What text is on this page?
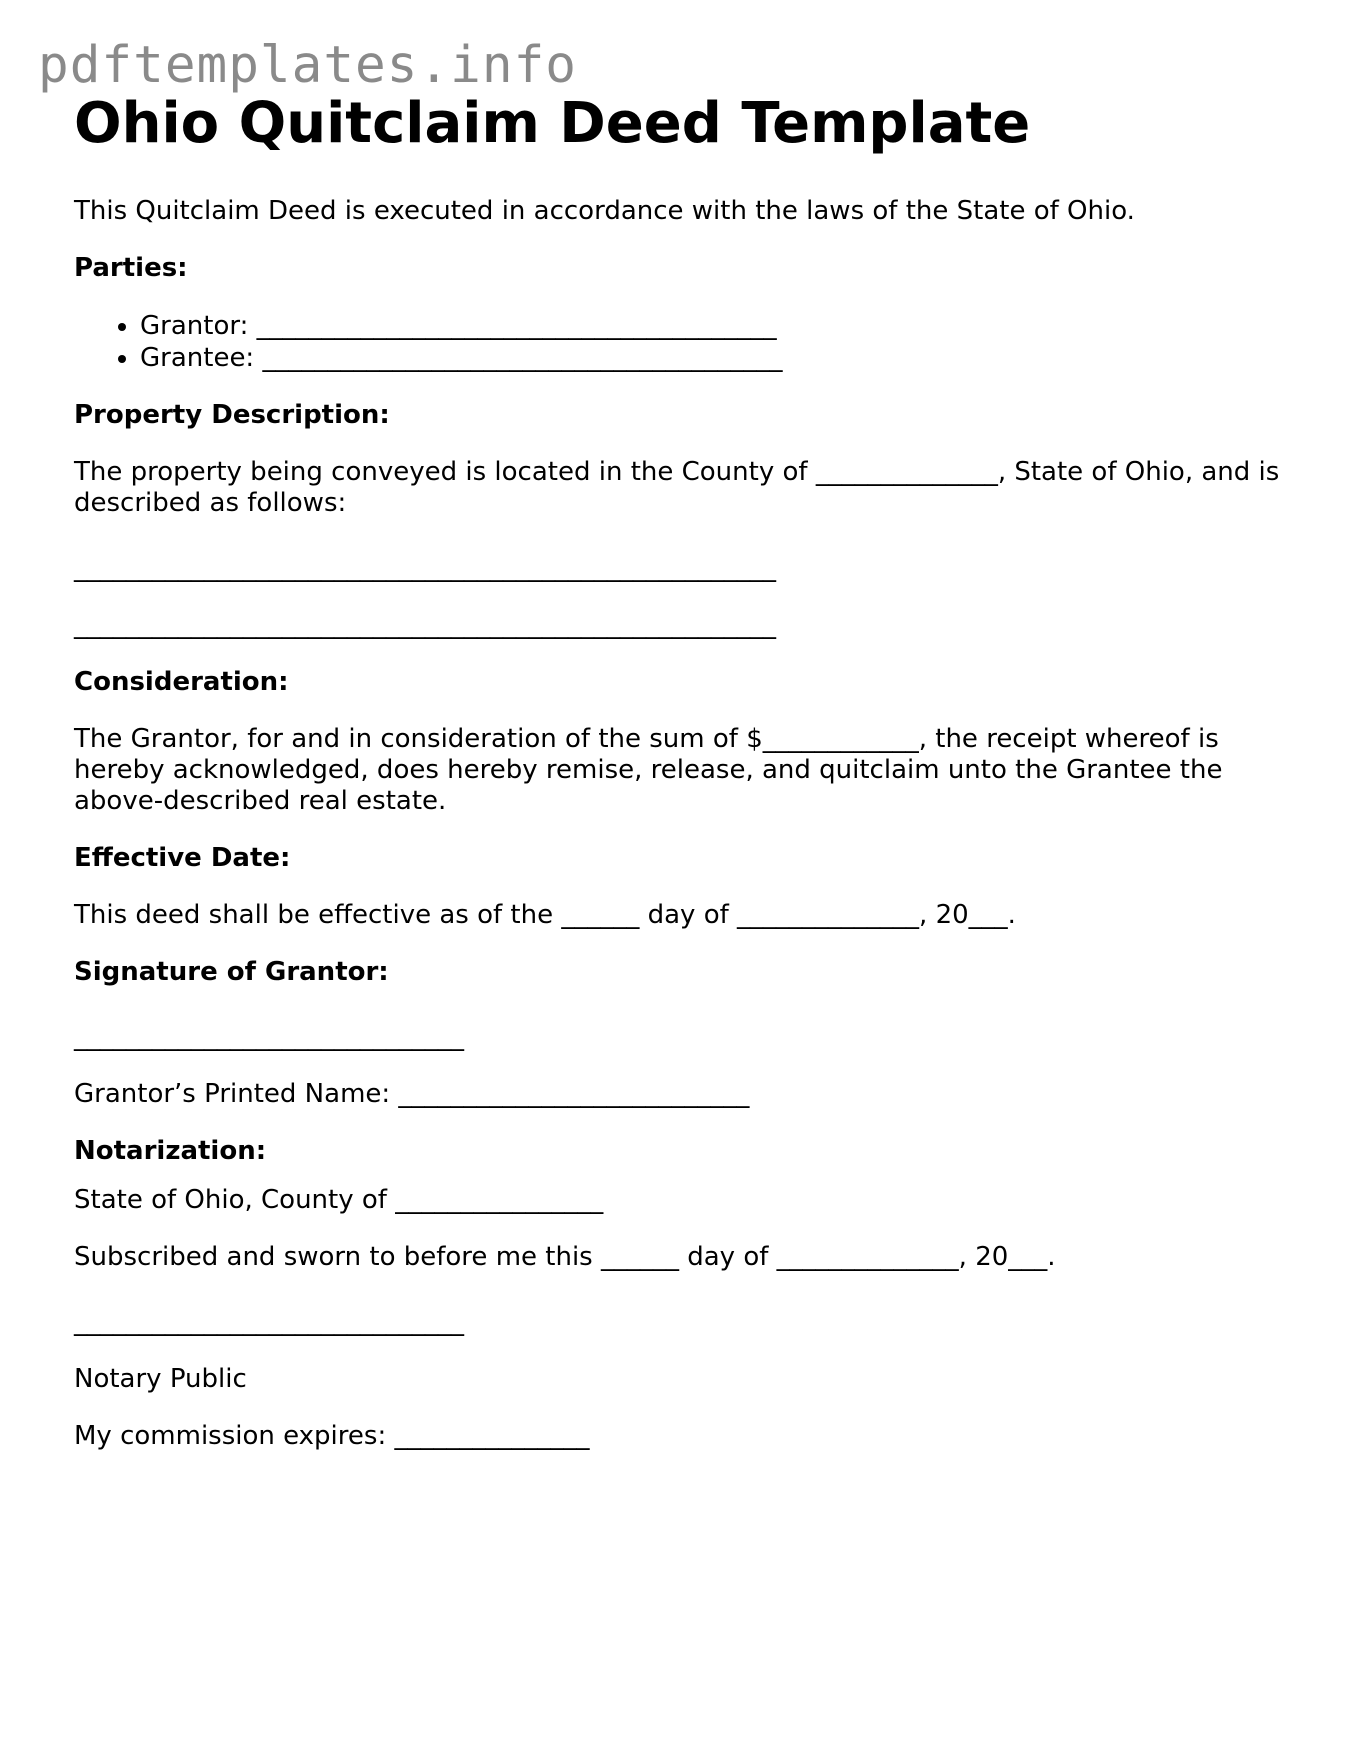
pdftemplates.info
Ohio Quitclaim Deed Template

This Quitclaim Deed is executed in accordance with the laws of the State of Ohio.

Parties:

• Grantor: ________________________________________
• Grantee: ________________________________________

Property Description:

The property being conveyed is located in the County of ______________, State of Ohio, and is described as follows:

______________________________________________________

______________________________________________________

Consideration:

The Grantor, for and in consideration of the sum of $____________, the receipt whereof is hereby acknowledged, does hereby remise, release, and quitclaim unto the Grantee the above-described real estate.

Effective Date:

This deed shall be effective as of the ______ day of ______________, 20___.

Signature of Grantor:

______________________________

Grantor’s Printed Name: ___________________________

Notarization:

State of Ohio, County of ________________

Subscribed and sworn to before me this ______ day of ______________, 20___.

______________________________

Notary Public

My commission expires: _______________
